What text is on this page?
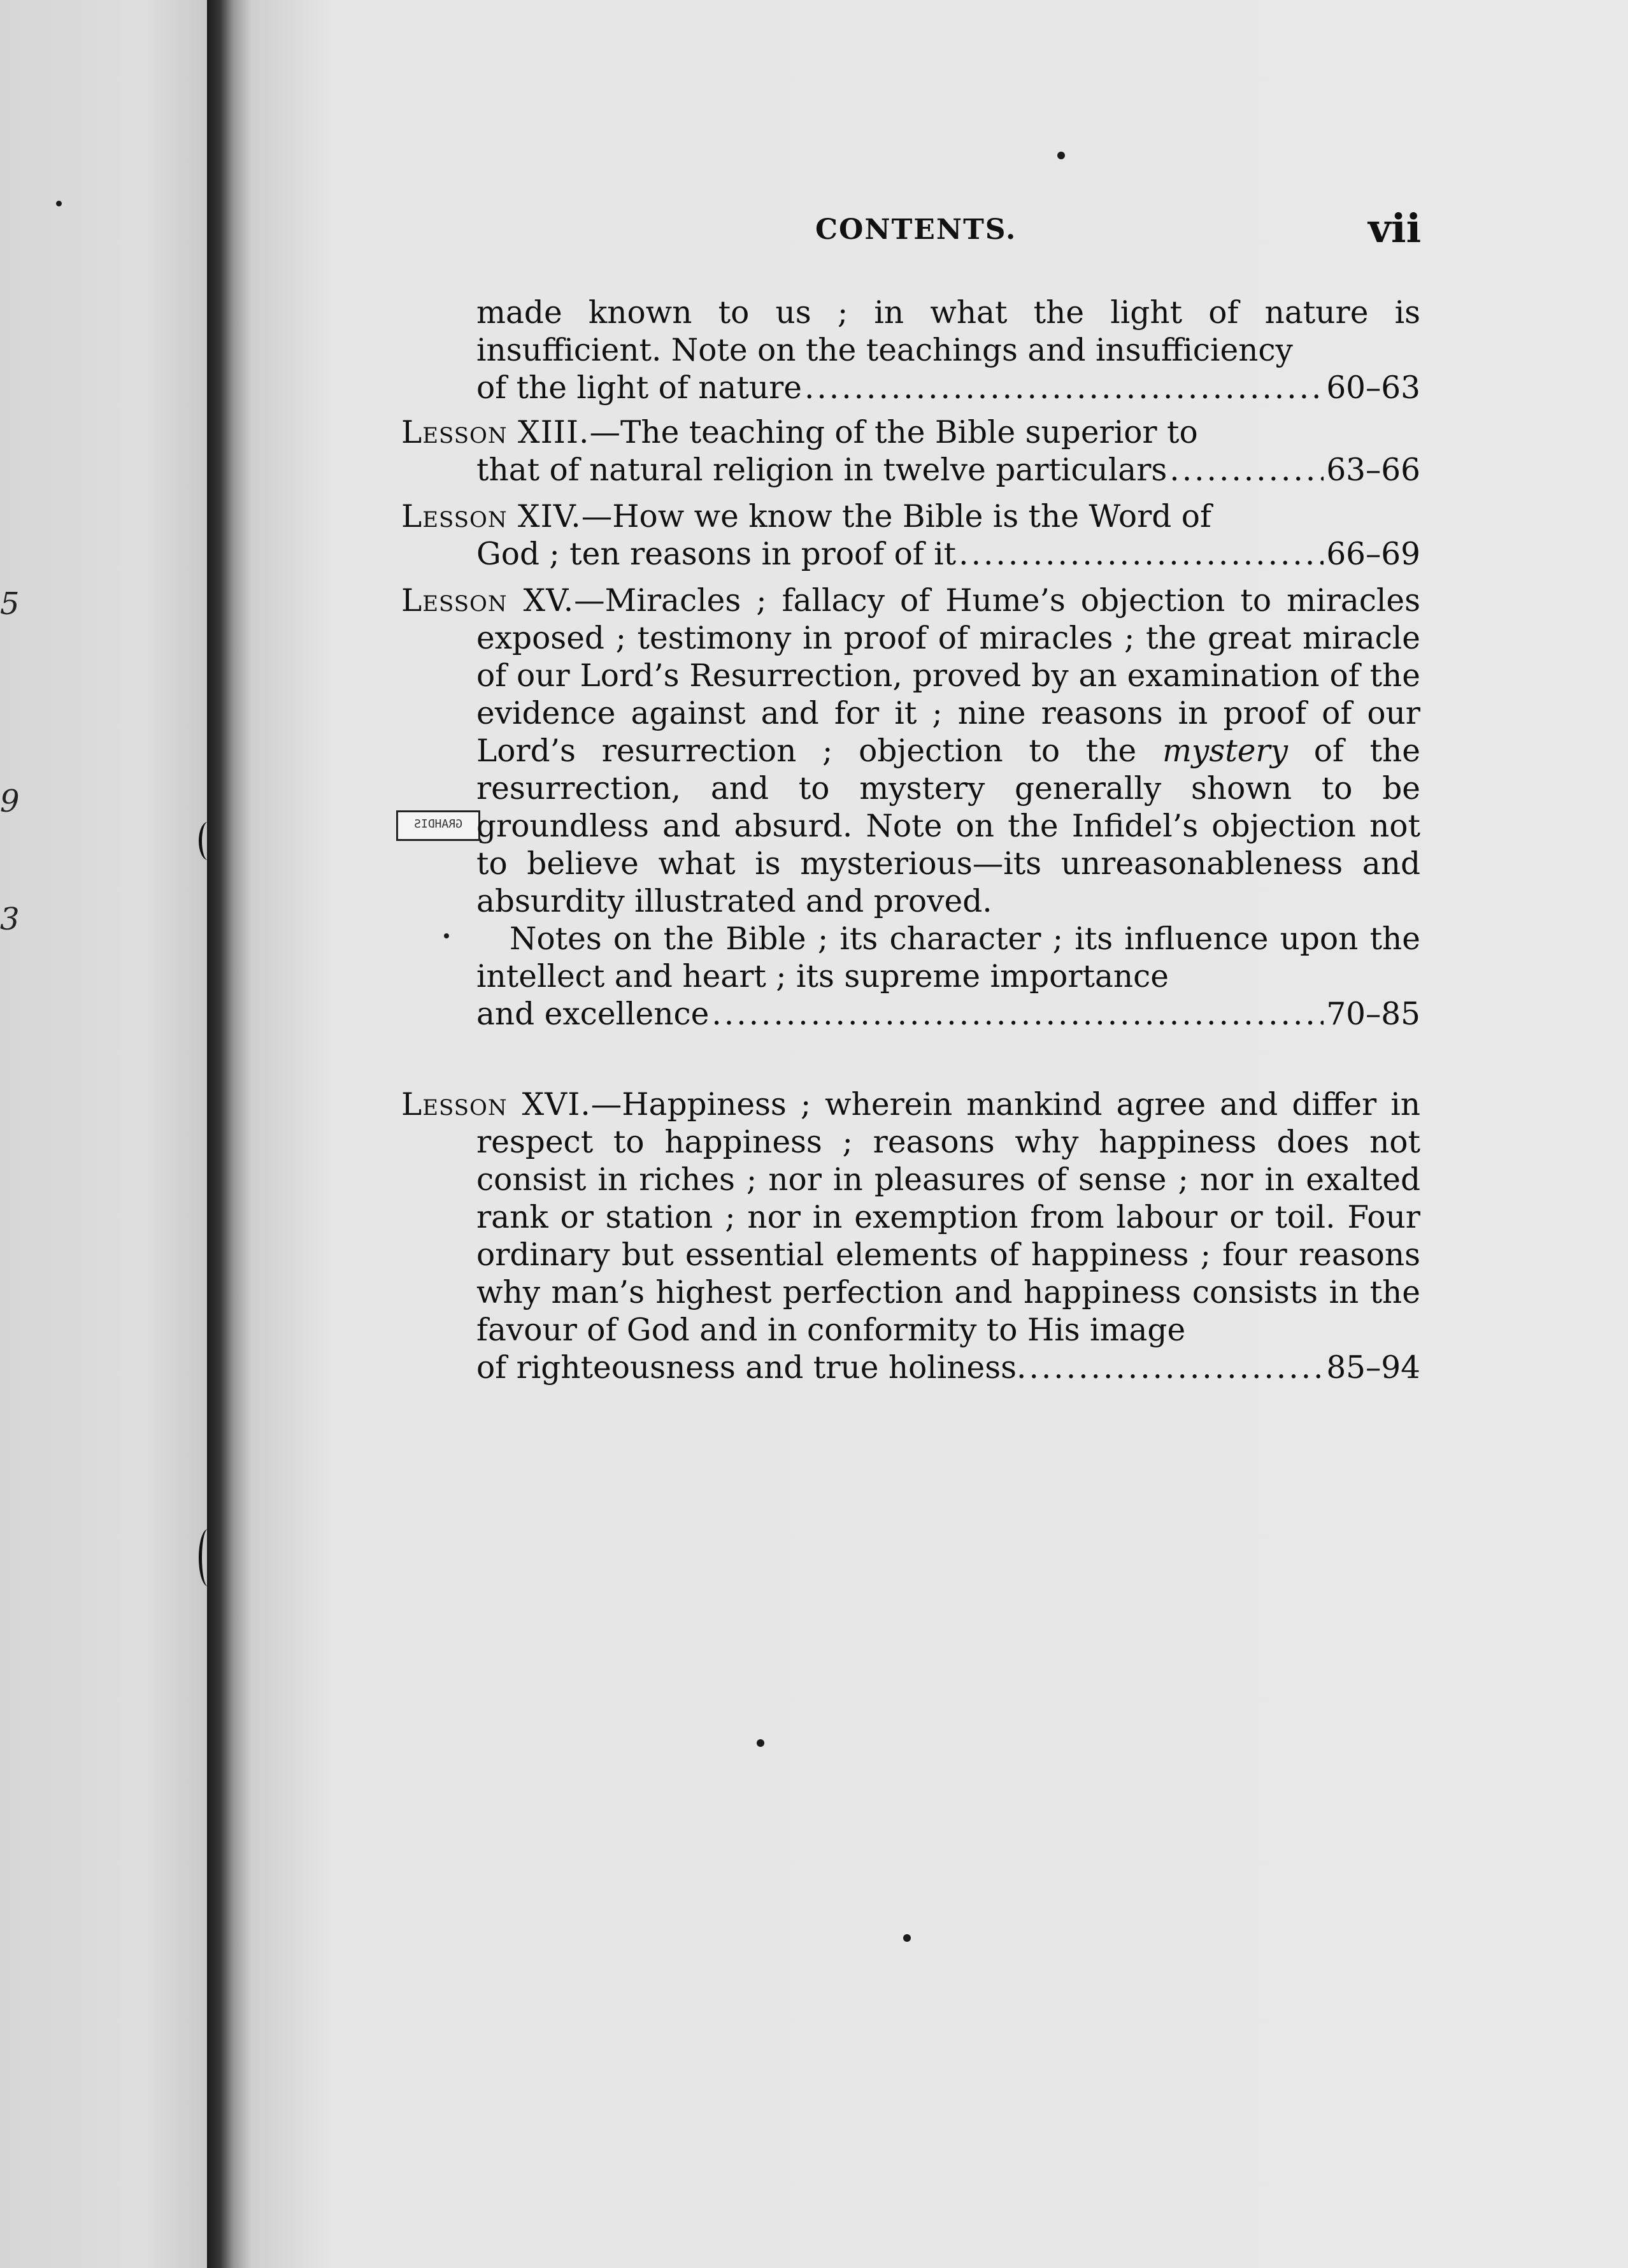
5
9
3
CONTENTS.	vii
GRAHDIS
made known to us ; in what the light of nature is insufficient. Note on the teachings and insufficiency
of the light of nature .....	60–63
Lesson XIII.—The teaching of the Bible superior to
that of natural religion in twelve particulars .....	63–66
Lesson XIV.—How we know the Bible is the Word of
God ; ten reasons in proof of it .....	66–69
Lesson XV.—Miracles ; fallacy of Hume’s objection to miracles exposed ; testimony in proof of miracles ; the great miracle of our Lord’s Resurrection, proved by an examination of the evidence against and for it ; nine reasons in proof of our Lord’s resurrection ; objection to the mystery of the resurrection, and to mystery generally shown to be groundless and absurd. Note on the Infidel’s objection not to believe what is mysterious—its unreasonableness and absurdity illustrated and proved.
Notes on the Bible ; its character ; its influence upon the intellect and heart ; its supreme importance
and excellence .....	70–85
Lesson XVI.—Happiness ; wherein mankind agree and differ in respect to happiness ; reasons why happiness does not consist in riches ; nor in pleasures of sense ; nor in exalted rank or station ; nor in exemption from labour or toil. Four ordinary but essential elements of happiness ; four reasons why man’s highest perfection and happiness consists in the favour of God and in conformity to His image
of righteousness and true holiness. .....	85–94
